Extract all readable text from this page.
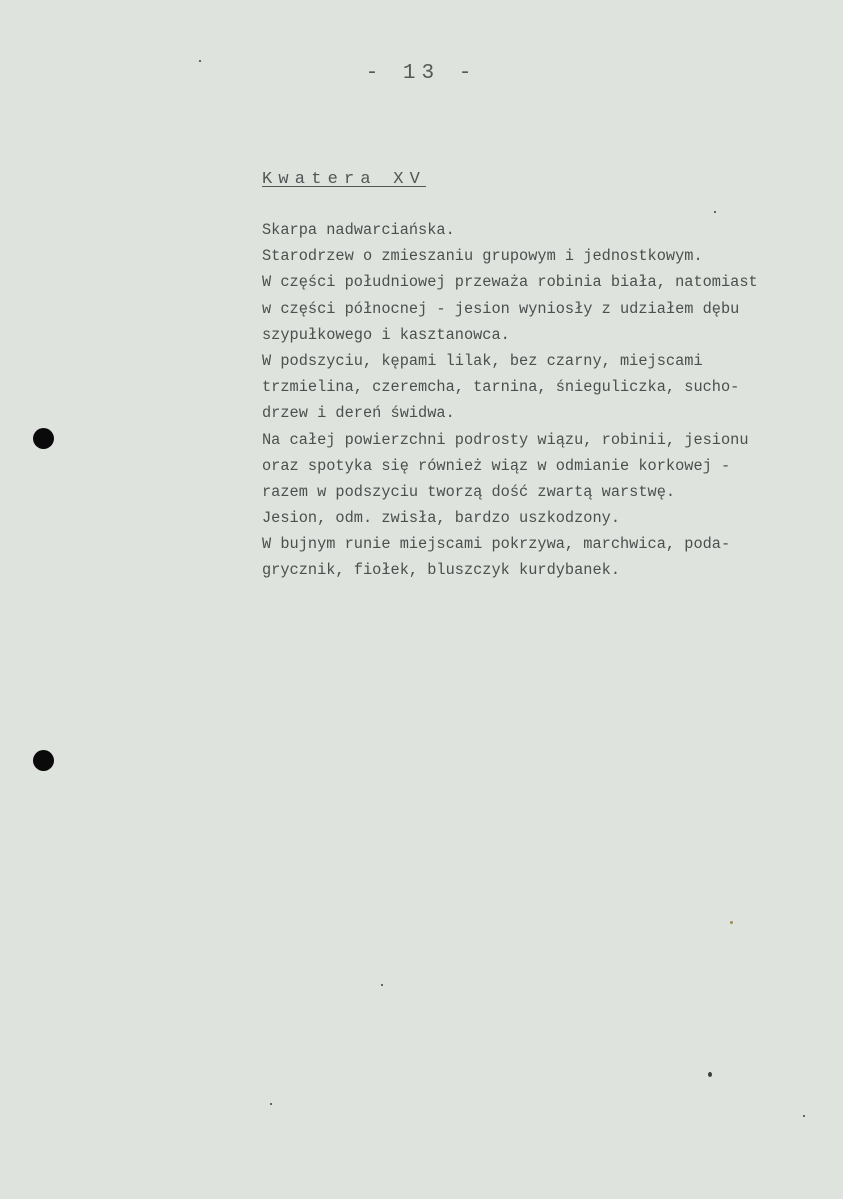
- 13 -
Kwatera XV
Skarpa nadwarciańska.
Starodrzew o zmieszaniu grupowym i jednostkowym.
W części południowej przeważa robinia biała, natomiast
w części północnej - jesion wyniosły z udziałem dębu
szypułkowego i kasztanowca.
W podszyciu, kępami lilak, bez czarny, miejscami
trzmielina, czeremcha, tarnina, śnieguliczka, sucho-
drzew i dereń świdwa.
Na całej powierzchni podrosty wiązu, robinii, jesionu
oraz spotyka się również wiąz w odmianie korkowej -
razem w podszyciu tworzą dość zwartą warstwę.
Jesion, odm. zwisła, bardzo uszkodzony.
W bujnym runie miejscami pokrzywa, marchwica, poda-
grycznik, fiołek, bluszczyk kurdybanek.
